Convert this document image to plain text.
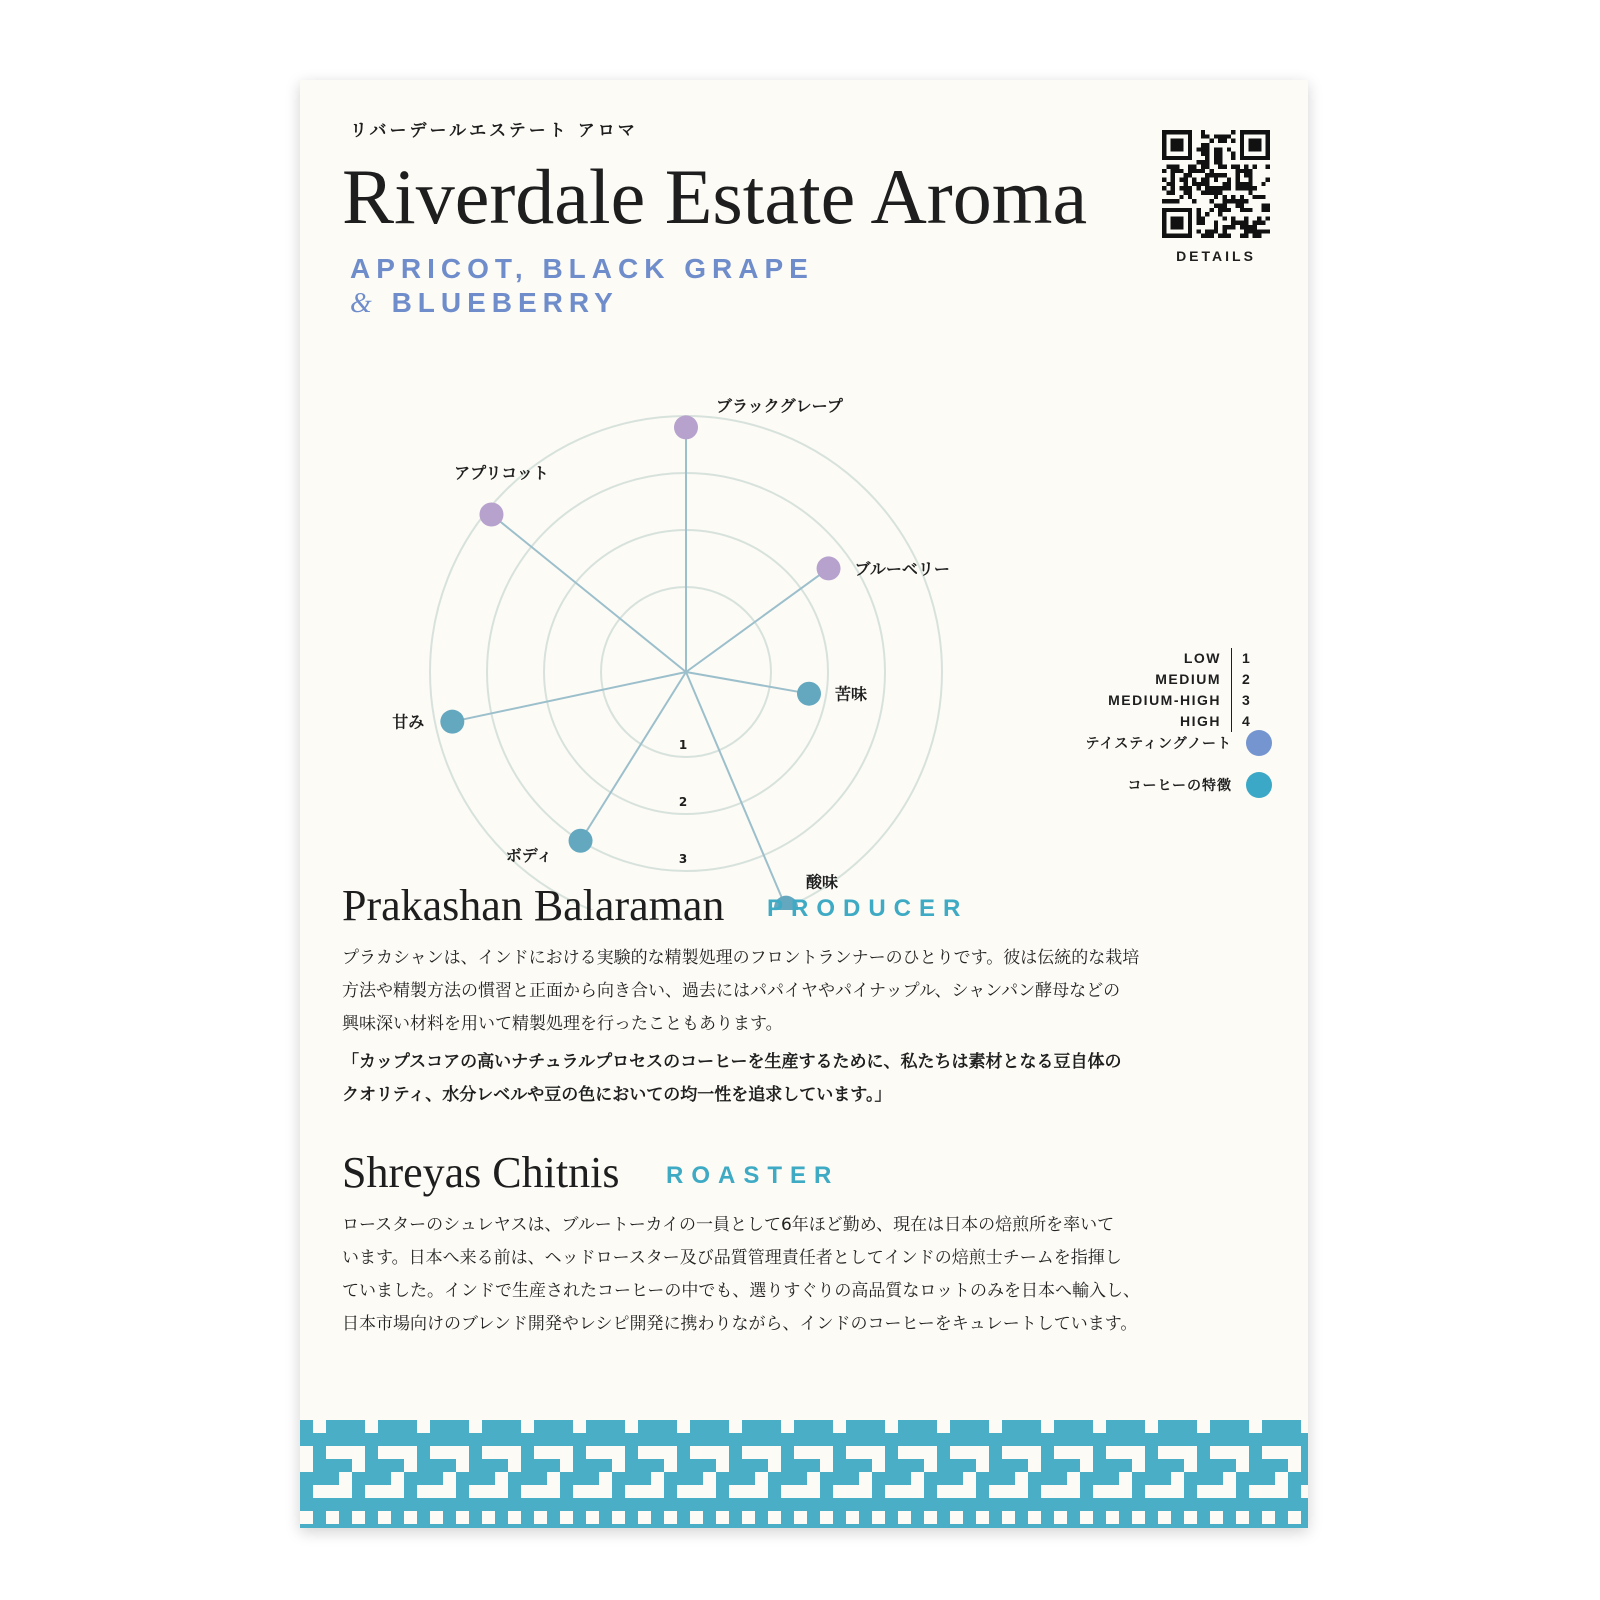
リバーデールエステート アロマ
Riverdale Estate Aroma
APRICOT, BLACK GRAPE
& BLUEBERRY
DETAILS
1
2
3
ブラックグレープ
ブルーベリー
苦味
酸味
ボディ
甘み
アプリコット
LOW	1
MEDIUM	2
MEDIUM-HIGH	3
HIGH	4
テイスティングノート
コーヒーの特徴
Prakashan Balaraman PRODUCER
プラカシャンは、インドにおける実験的な精製処理のフロントランナーのひとりです。彼は伝統的な栽培
方法や精製方法の慣習と正面から向き合い、過去にはパパイヤやパイナップル、シャンパン酵母などの
興味深い材料を用いて精製処理を行ったこともあります。
「カップスコアの高いナチュラルプロセスのコーヒーを生産するために、私たちは素材となる豆自体の
クオリティ、水分レベルや豆の色においての均一性を追求しています。」
Shreyas Chitnis ROASTER
ロースターのシュレヤスは、ブルートーカイの一員として6年ほど勤め、現在は日本の焙煎所を率いて
います。日本へ来る前は、ヘッドロースター及び品質管理責任者としてインドの焙煎士チームを指揮し
ていました。インドで生産されたコーヒーの中でも、選りすぐりの高品質なロットのみを日本へ輸入し、
日本市場向けのブレンド開発やレシピ開発に携わりながら、インドのコーヒーをキュレートしています。
